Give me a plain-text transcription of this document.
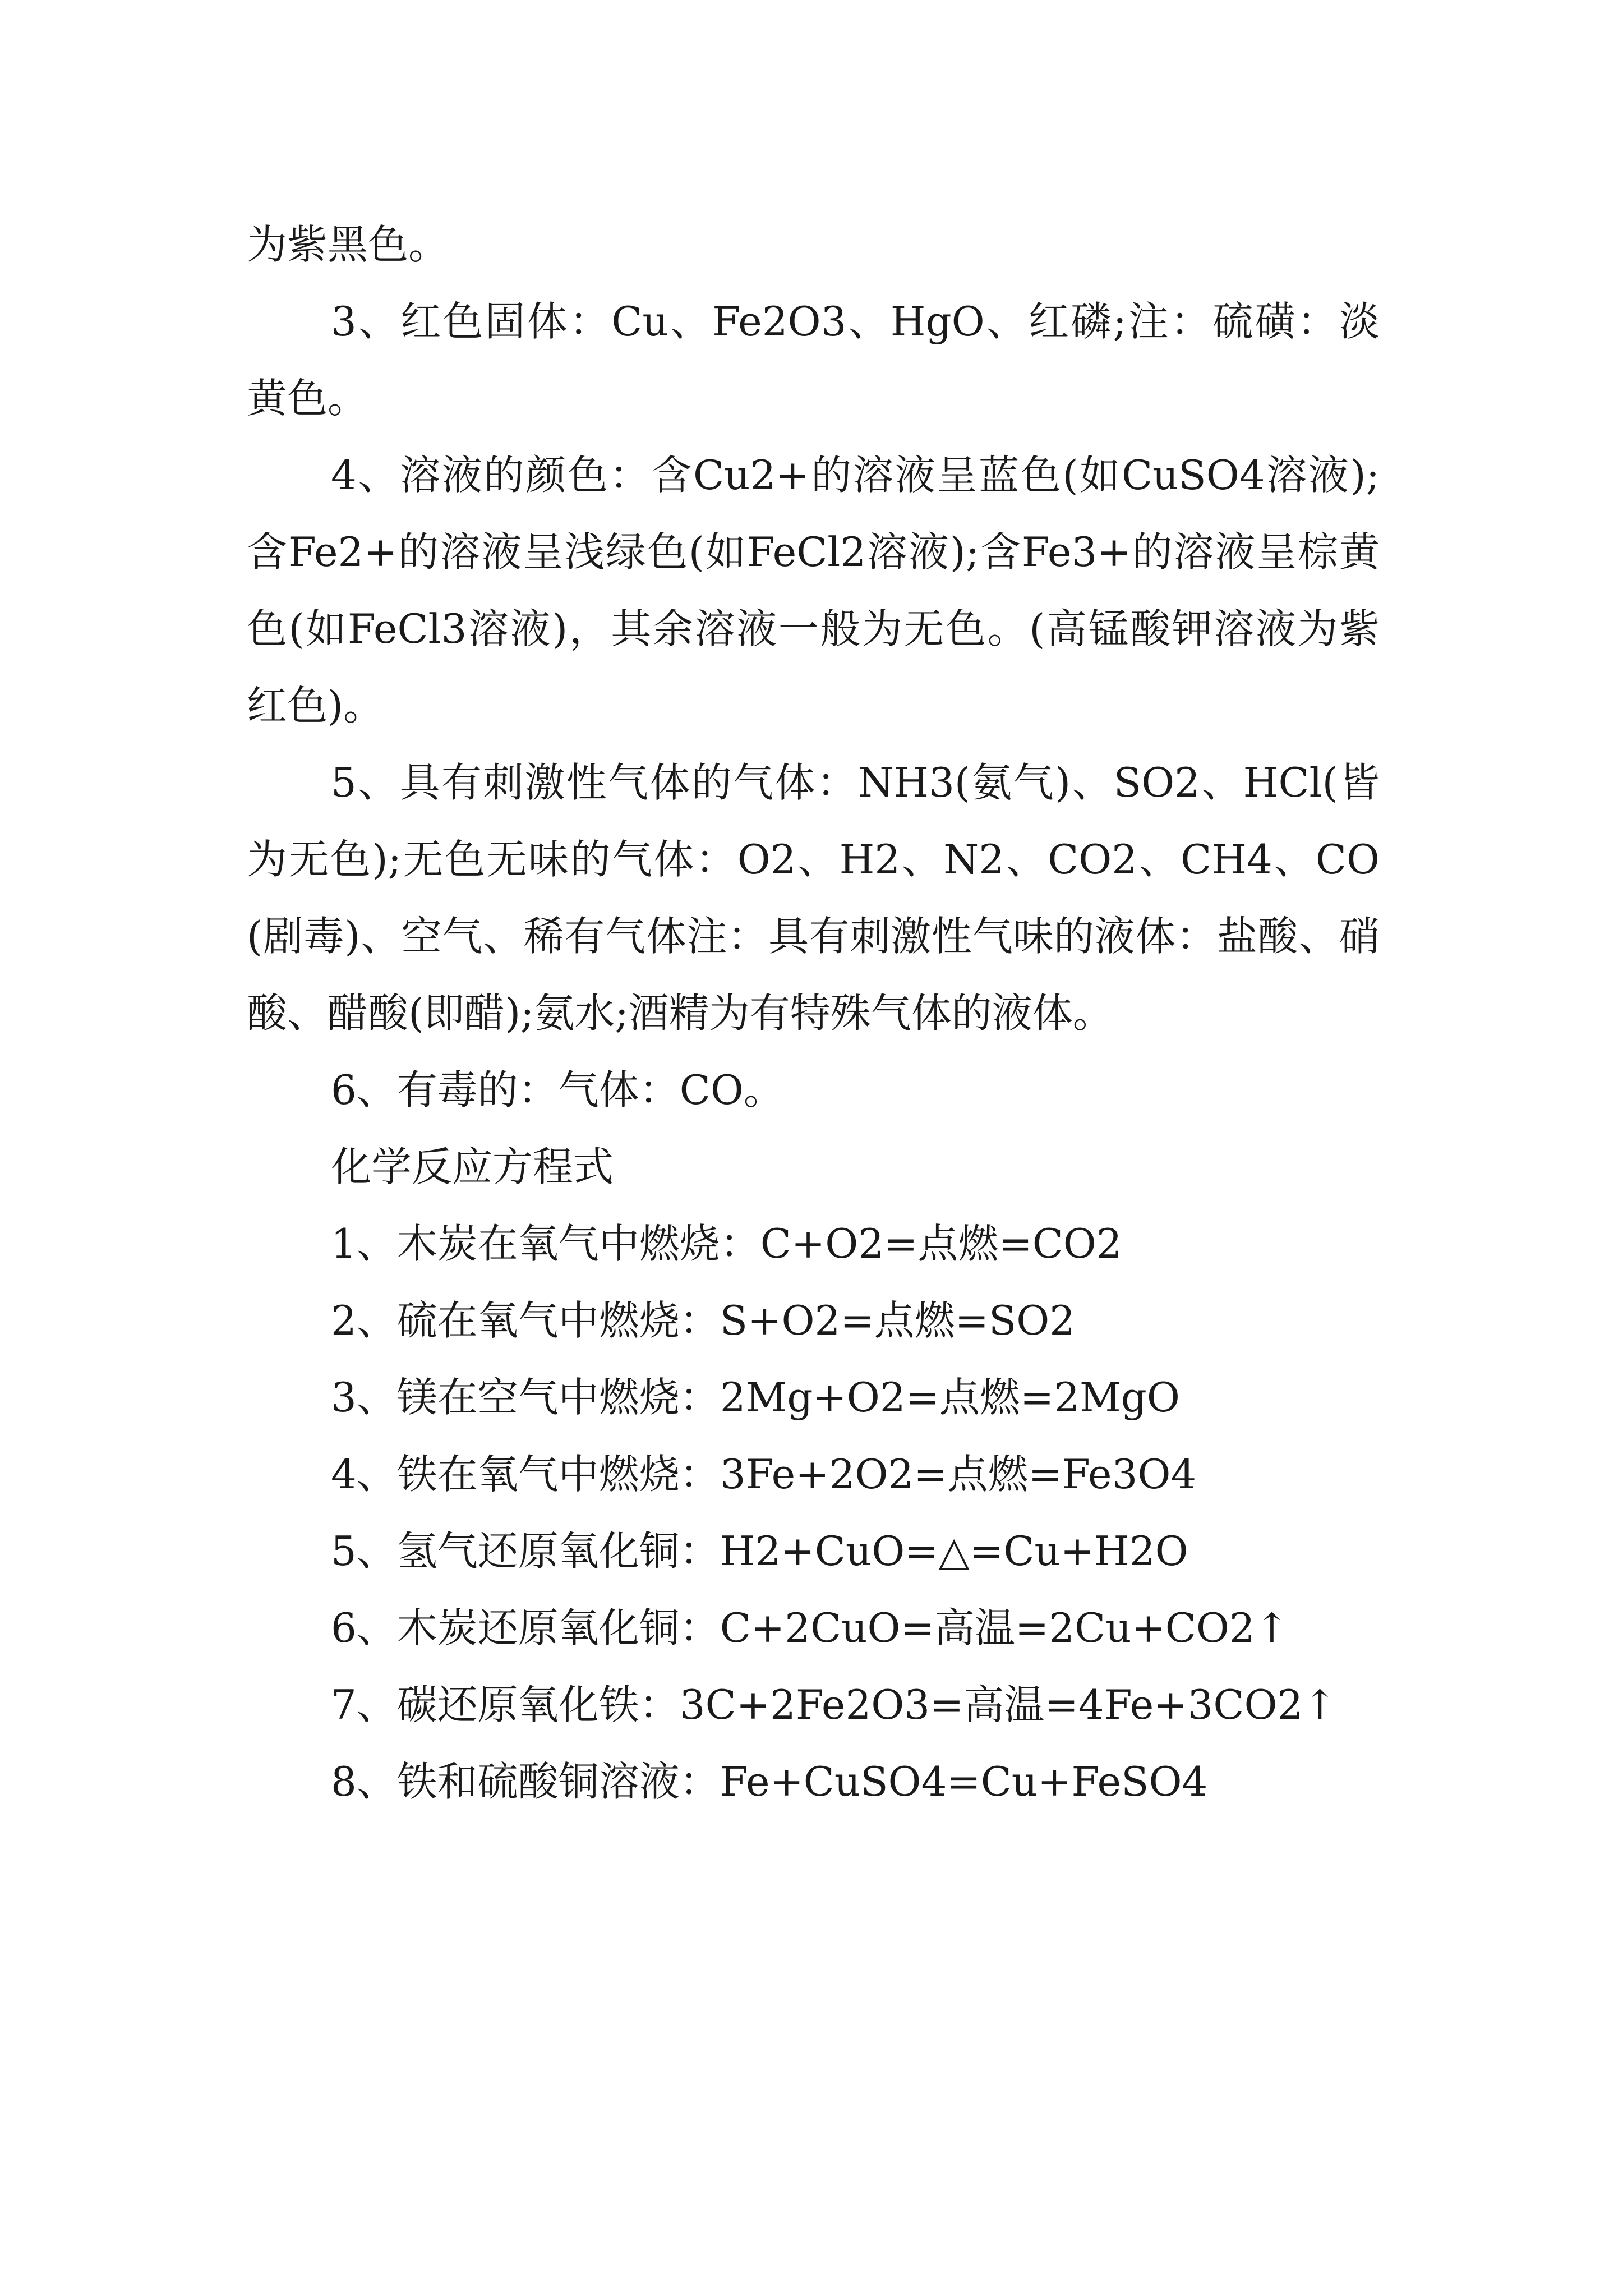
为紫黑色。

3、红色固体：Cu、Fe2O3、HgO、红磷;注：硫磺：淡黄色。

4、溶液的颜色：含Cu2+的溶液呈蓝色(如CuSO4溶液);含Fe2+的溶液呈浅绿色(如FeCl2溶液);含Fe3+的溶液呈棕黄色(如FeCl3溶液)，其余溶液一般为无色。(高锰酸钾溶液为紫红色)。

5、具有刺激性气体的气体：NH3(氨气)、SO2、HCl(皆为无色);无色无味的气体：O2、H2、N2、CO2、CH4、CO(剧毒)、空气、稀有气体注：具有刺激性气味的液体：盐酸、硝 酸、醋酸(即醋);氨水;酒精为有特殊气体的液体。

6、有毒的：气体：CO。

化学反应方程式

1、木炭在氧气中燃烧：C+O2=点燃=CO2

2、硫在氧气中燃烧：S+O2=点燃=SO2

3、镁在空气中燃烧：2Mg+O2=点燃=2MgO

4、铁在氧气中燃烧：3Fe+2O2=点燃=Fe3O4

5、氢气还原氧化铜：H2+CuO=△=Cu+H2O

6、木炭还原氧化铜：C+2CuO=高温=2Cu+CO2↑

7、碳还原氧化铁：3C+2Fe2O3=高温=4Fe+3CO2↑

8、铁和硫酸铜溶液：Fe+CuSO4=Cu+FeSO4
